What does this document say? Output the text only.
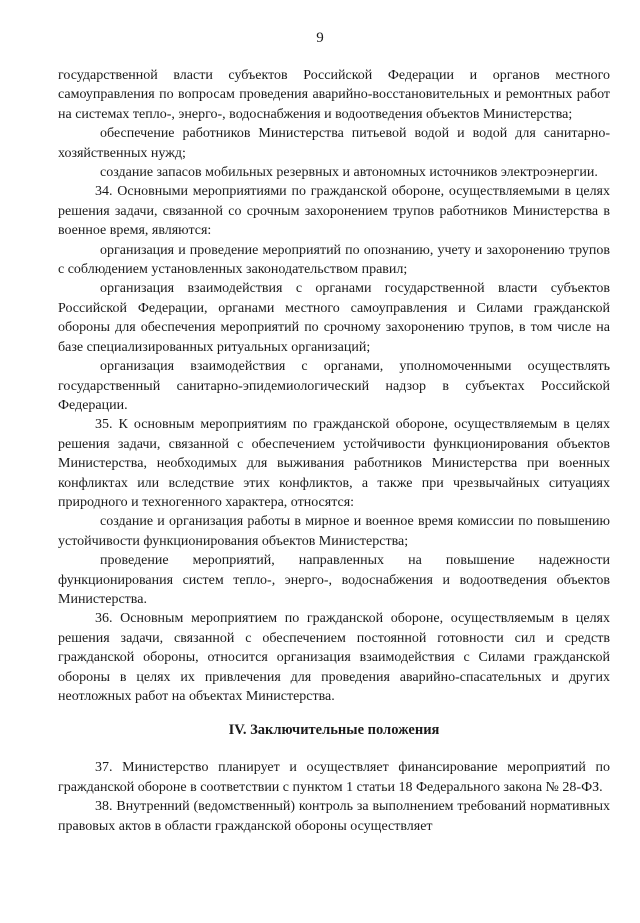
9

государственной власти субъектов Российской Федерации и органов местного самоуправления по вопросам проведения аварийно-восстановительных и ремонтных работ на системах тепло-, энерго-, водоснабжения и водоотведения объектов Министерства;

обеспечение работников Министерства питьевой водой и водой для санитарно-хозяйственных нужд;

создание запасов мобильных резервных и автономных источников электроэнергии.

34. Основными мероприятиями по гражданской обороне, осуществляемыми в целях решения задачи, связанной со срочным захоронением трупов работников Министерства в военное время, являются:

организация и проведение мероприятий по опознанию, учету и захоронению трупов с соблюдением установленных законодательством правил;

организация взаимодействия с органами государственной власти субъектов Российской Федерации, органами местного самоуправления и Силами гражданской обороны для обеспечения мероприятий по срочному захоронению трупов, в том числе на базе специализированных ритуальных организаций;

организация взаимодействия с органами, уполномоченными осуществлять государственный санитарно-эпидемиологический надзор в субъектах Российской Федерации.

35. К основным мероприятиям по гражданской обороне, осуществляемым в целях решения задачи, связанной с обеспечением устойчивости функционирования объектов Министерства, необходимых для выживания работников Министерства при военных конфликтах или вследствие этих конфликтов, а также при чрезвычайных ситуациях природного и техногенного характера, относятся:

создание и организация работы в мирное и военное время комиссии по повышению устойчивости функционирования объектов Министерства;

проведение мероприятий, направленных на повышение надежности функционирования систем тепло-, энерго-, водоснабжения и водоотведения объектов Министерства.

36. Основным мероприятием по гражданской обороне, осуществляемым в целях решения задачи, связанной с обеспечением постоянной готовности сил и средств гражданской обороны, относится организация взаимодействия с Силами гражданской обороны в целях их привлечения для проведения аварийно-спасательных и других неотложных работ на объектах Министерства.

IV. Заключительные положения

37. Министерство планирует и осуществляет финансирование мероприятий по гражданской обороне в соответствии с пунктом 1 статьи 18 Федерального закона № 28-ФЗ.

38. Внутренний (ведомственный) контроль за выполнением требований нормативных правовых актов в области гражданской обороны осуществляет
